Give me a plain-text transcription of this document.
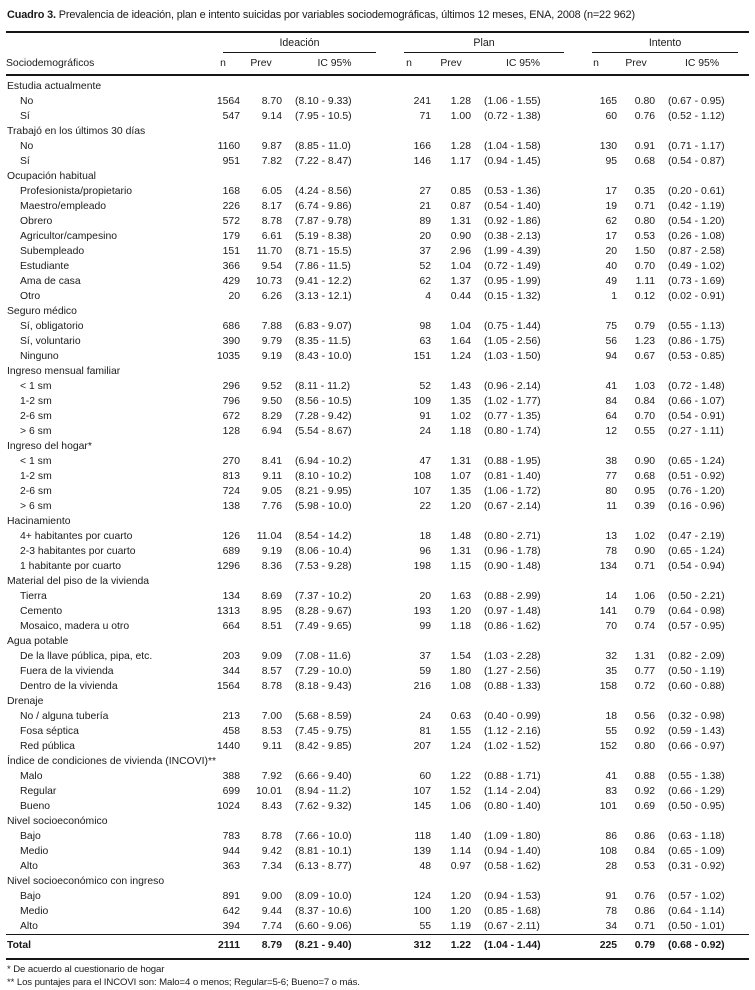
Cuadro 3. Prevalencia de ideación, plan e intento suicidas por variables sociodemográficas, últimos 12 meses, ENA, 2008 (n=22 962)

	Ideación			Plan			Intento		

Sociodemográficos	n	Prev	IC 95%	n	Prev	IC 95%	n	Prev	IC 95%
Estudia actualmente									
No	1564	8.70	(8.10 - 9.33)	241	1.28	(1.06 - 1.55)	165	0.80	(0.67 - 0.95)
Sí	547	9.14	(7.95 - 10.5)	71	1.00	(0.72 - 1.38)	60	0.76	(0.52 - 1.12)
Trabajó en los últimos 30 días									
No	1160	9.87	(8.85 - 11.0)	166	1.28	(1.04 - 1.58)	130	0.91	(0.71 - 1.17)
Sí	951	7.82	(7.22 - 8.47)	146	1.17	(0.94 - 1.45)	95	0.68	(0.54 - 0.87)
Ocupación habitual									
Profesionista/propietario	168	6.05	(4.24 - 8.56)	27	0.85	(0.53 - 1.36)	17	0.35	(0.20 - 0.61)
Maestro/empleado	226	8.17	(6.74 - 9.86)	21	0.87	(0.54 - 1.40)	19	0.71	(0.42 - 1.19)
Obrero	572	8.78	(7.87 - 9.78)	89	1.31	(0.92 - 1.86)	62	0.80	(0.54 - 1.20)
Agricultor/campesino	179	6.61	(5.19 - 8.38)	20	0.90	(0.38 - 2.13)	17	0.53	(0.26 - 1.08)
Subempleado	151	11.70	(8.71 - 15.5)	37	2.96	(1.99 - 4.39)	20	1.50	(0.87 - 2.58)
Estudiante	366	9.54	(7.86 - 11.5)	52	1.04	(0.72 - 1.49)	40	0.70	(0.49 - 1.02)
Ama de casa	429	10.73	(9.41 - 12.2)	62	1.37	(0.95 - 1.99)	49	1.11	(0.73 - 1.69)
Otro	20	6.26	(3.13 - 12.1)	4	0.44	(0.15 - 1.32)	1	0.12	(0.02 - 0.91)
Seguro médico									
Sí, obligatorio	686	7.88	(6.83 - 9.07)	98	1.04	(0.75 - 1.44)	75	0.79	(0.55 - 1.13)
Sí, voluntario	390	9.79	(8.35 - 11.5)	63	1.64	(1.05 - 2.56)	56	1.23	(0.86 - 1.75)
Ninguno	1035	9.19	(8.43 - 10.0)	151	1.24	(1.03 - 1.50)	94	0.67	(0.53 - 0.85)
Ingreso mensual familiar									
< 1 sm	296	9.52	(8.11 - 11.2)	52	1.43	(0.96 - 2.14)	41	1.03	(0.72 - 1.48)
1-2 sm	796	9.50	(8.56 - 10.5)	109	1.35	(1.02 - 1.77)	84	0.84	(0.66 - 1.07)
2-6 sm	672	8.29	(7.28 - 9.42)	91	1.02	(0.77 - 1.35)	64	0.70	(0.54 - 0.91)
> 6 sm	128	6.94	(5.54 - 8.67)	24	1.18	(0.80 - 1.74)	12	0.55	(0.27 - 1.11)
Ingreso del hogar*									
< 1 sm	270	8.41	(6.94 - 10.2)	47	1.31	(0.88 - 1.95)	38	0.90	(0.65 - 1.24)
1-2 sm	813	9.11	(8.10 - 10.2)	108	1.07	(0.81 - 1.40)	77	0.68	(0.51 - 0.92)
2-6 sm	724	9.05	(8.21 - 9.95)	107	1.35	(1.06 - 1.72)	80	0.95	(0.76 - 1.20)
> 6 sm	138	7.76	(5.98 - 10.0)	22	1.20	(0.67 - 2.14)	11	0.39	(0.16 - 0.96)
Hacinamiento									
4+ habitantes por cuarto	126	11.04	(8.54 - 14.2)	18	1.48	(0.80 - 2.71)	13	1.02	(0.47 - 2.19)
2-3 habitantes por cuarto	689	9.19	(8.06 - 10.4)	96	1.31	(0.96 - 1.78)	78	0.90	(0.65 - 1.24)
1 habitante por cuarto	1296	8.36	(7.53 - 9.28)	198	1.15	(0.90 - 1.48)	134	0.71	(0.54 - 0.94)
Material del piso de la vivienda									
Tierra	134	8.69	(7.37 - 10.2)	20	1.63	(0.88 - 2.99)	14	1.06	(0.50 - 2.21)
Cemento	1313	8.95	(8.28 - 9.67)	193	1.20	(0.97 - 1.48)	141	0.79	(0.64 - 0.98)
Mosaico, madera u otro	664	8.51	(7.49 - 9.65)	99	1.18	(0.86 - 1.62)	70	0.74	(0.57 - 0.95)
Agua potable									
De la llave pública, pipa, etc.	203	9.09	(7.08 - 11.6)	37	1.54	(1.03 - 2.28)	32	1.31	(0.82 - 2.09)
Fuera de la vivienda	344	8.57	(7.29 - 10.0)	59	1.80	(1.27 - 2.56)	35	0.77	(0.50 - 1.19)
Dentro de la vivienda	1564	8.78	(8.18 - 9.43)	216	1.08	(0.88 - 1.33)	158	0.72	(0.60 - 0.88)
Drenaje									
No / alguna tubería	213	7.00	(5.68 - 8.59)	24	0.63	(0.40 - 0.99)	18	0.56	(0.32 - 0.98)
Fosa séptica	458	8.53	(7.45 - 9.75)	81	1.55	(1.12 - 2.16)	55	0.92	(0.59 - 1.43)
Red pública	1440	9.11	(8.42 - 9.85)	207	1.24	(1.02 - 1.52)	152	0.80	(0.66 - 0.97)
Índice de condiciones de vivienda (INCOVI)**									
Malo	388	7.92	(6.66 - 9.40)	60	1.22	(0.88 - 1.71)	41	0.88	(0.55 - 1.38)
Regular	699	10.01	(8.94 - 11.2)	107	1.52	(1.14 - 2.04)	83	0.92	(0.66 - 1.29)
Bueno	1024	8.43	(7.62 - 9.32)	145	1.06	(0.80 - 1.40)	101	0.69	(0.50 - 0.95)
Nivel socioeconómico									
Bajo	783	8.78	(7.66 - 10.0)	118	1.40	(1.09 - 1.80)	86	0.86	(0.63 - 1.18)
Medio	944	9.42	(8.81 - 10.1)	139	1.14	(0.94 - 1.40)	108	0.84	(0.65 - 1.09)
Alto	363	7.34	(6.13 - 8.77)	48	0.97	(0.58 - 1.62)	28	0.53	(0.31 - 0.92)
Nivel socioeconómico con ingreso									
Bajo	891	9.00	(8.09 - 10.0)	124	1.20	(0.94 - 1.53)	91	0.76	(0.57 - 1.02)
Medio	642	9.44	(8.37 - 10.6)	100	1.20	(0.85 - 1.68)	78	0.86	(0.64 - 1.14)
Alto	394	7.74	(6.60 - 9.06)	55	1.19	(0.67 - 2.11)	34	0.71	(0.50 - 1.01)
Total	2111	8.79	(8.21 - 9.40)	312	1.22	(1.04 - 1.44)	225	0.79	(0.68 - 0.92)
* De acuerdo al cuestionario de hogar
** Los puntajes para el INCOVI son: Malo=4 o menos; Regular=5-6; Bueno=7 o más.
